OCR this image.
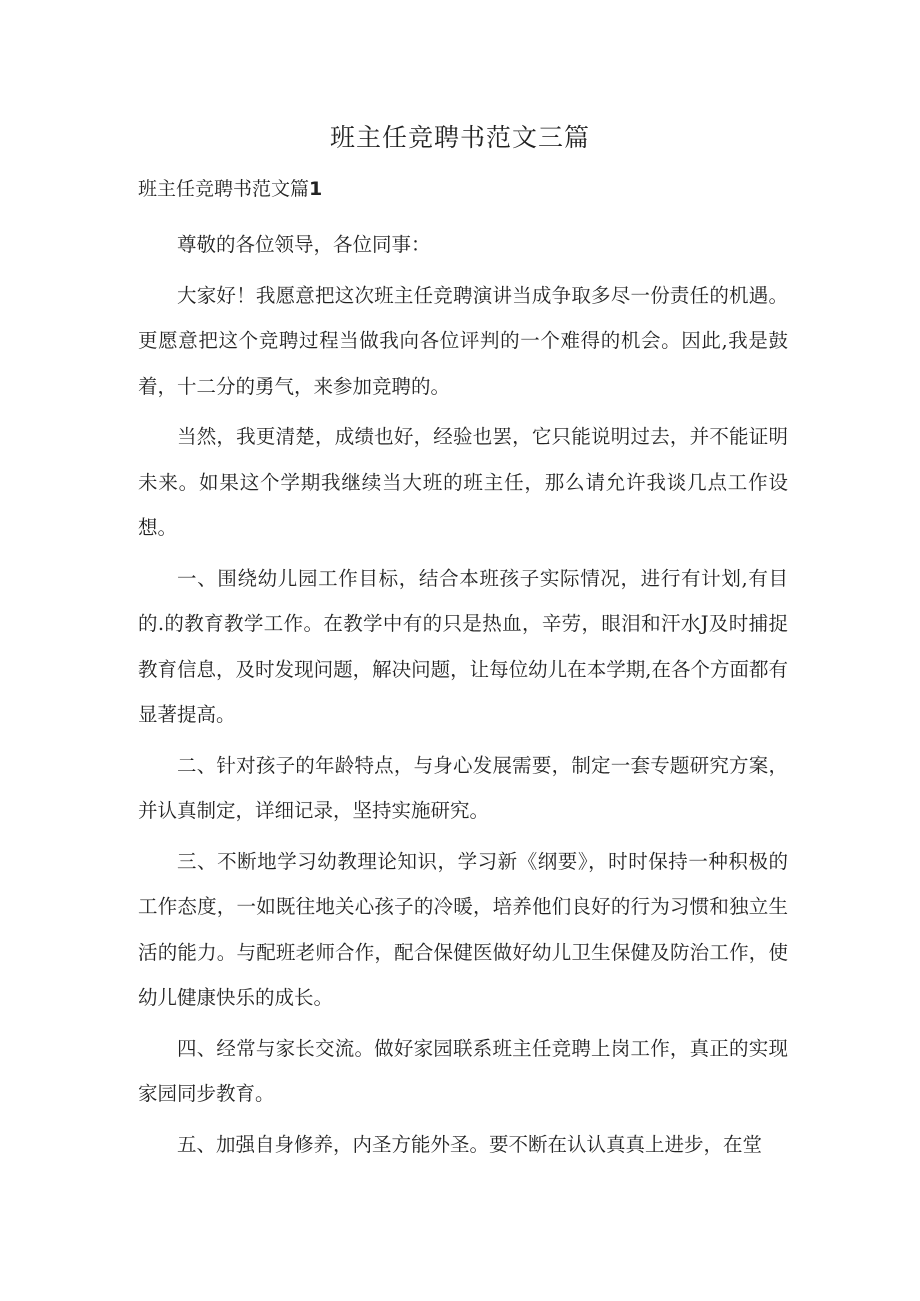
班主任竞聘书范文三篇
班主任竞聘书范文篇1

尊敬的各位领导，各位同事：

大家好！我愿意把这次班主任竞聘演讲当成争取多尽一份责任的机遇。更愿意把这个竞聘过程当做我向各位评判的一个难得的机会。因此,我是鼓着，十二分的勇气，来参加竞聘的。

当然，我更清楚，成绩也好，经验也罢，它只能说明过去，并不能证明未来。如果这个学期我继续当大班的班主任，那么请允许我谈几点工作设想。

一、围绕幼儿园工作目标，结合本班孩子实际情况，进行有计划,有目的.的教育教学工作。在教学中有的只是热血，辛劳，眼泪和汗水J及时捕捉教育信息，及时发现问题，解决问题，让每位幼儿在本学期,在各个方面都有显著提高。

二、针对孩子的年龄特点，与身心发展需要，制定一套专题研究方案，并认真制定，详细记录，坚持实施研究。

三、不断地学习幼教理论知识，学习新《纲要》，时时保持一种积极的工作态度，一如既往地关心孩子的冷暖，培养他们良好的行为习惯和独立生活的能力。与配班老师合作，配合保健医做好幼儿卫生保健及防治工作，使幼儿健康快乐的成长。

四、经常与家长交流。做好家园联系班主任竞聘上岗工作，真正的实现家园同步教育。

五、加强自身修养，内圣方能外圣。要不断在认认真真上进步，在堂
